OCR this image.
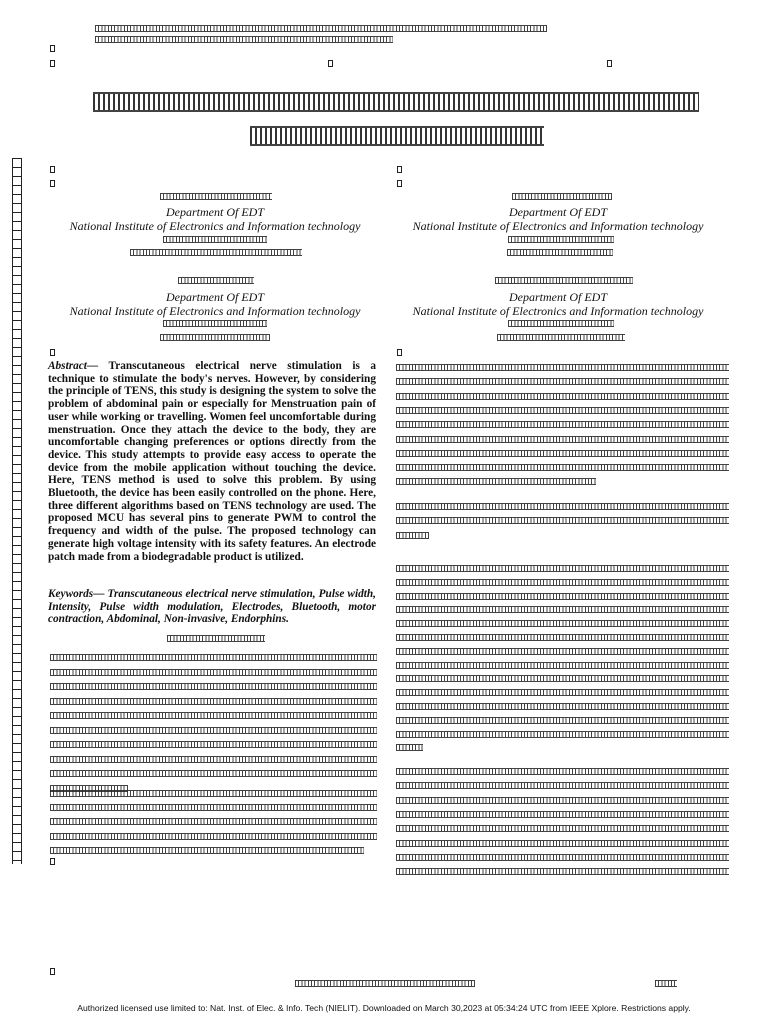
Department Of EDT
National Institute of Electronics and Information technology
Department Of EDT
National Institute of Electronics and Information technology
Department Of EDT
National Institute of Electronics and Information technology
Department Of EDT
National Institute of Electronics and Information technology
Abstract— Transcutaneous electrical nerve stimulation is a technique to stimulate the body's nerves. However, by considering the principle of TENS, this study is designing the system to solve the problem of abdominal pain or especially for Menstruation pain of user while working or travelling. Women feel uncomfortable during menstruation. Once they attach the device to the body, they are uncomfortable changing preferences or options directly from the device. This study attempts to provide easy access to operate the device from the mobile application without touching the device. Here, TENS method is used to solve this problem. By using Bluetooth, the device has been easily controlled on the phone. Here, three different algorithms based on TENS technology are used. The proposed MCU has several pins to generate PWM to control the frequency and width of the pulse. The proposed technology can generate high voltage intensity with its safety features. An electrode patch made from a biodegradable product is utilized.
Keywords— Transcutaneous electrical nerve stimulation, Pulse width, Intensity, Pulse width modulation, Electrodes, Bluetooth, motor contraction, Abdominal, Non-invasive, Endorphins.
Authorized licensed use limited to: Nat. Inst. of Elec. & Info. Tech (NIELIT). Downloaded on March 30,2023 at 05:34:24 UTC from IEEE Xplore. Restrictions apply.
